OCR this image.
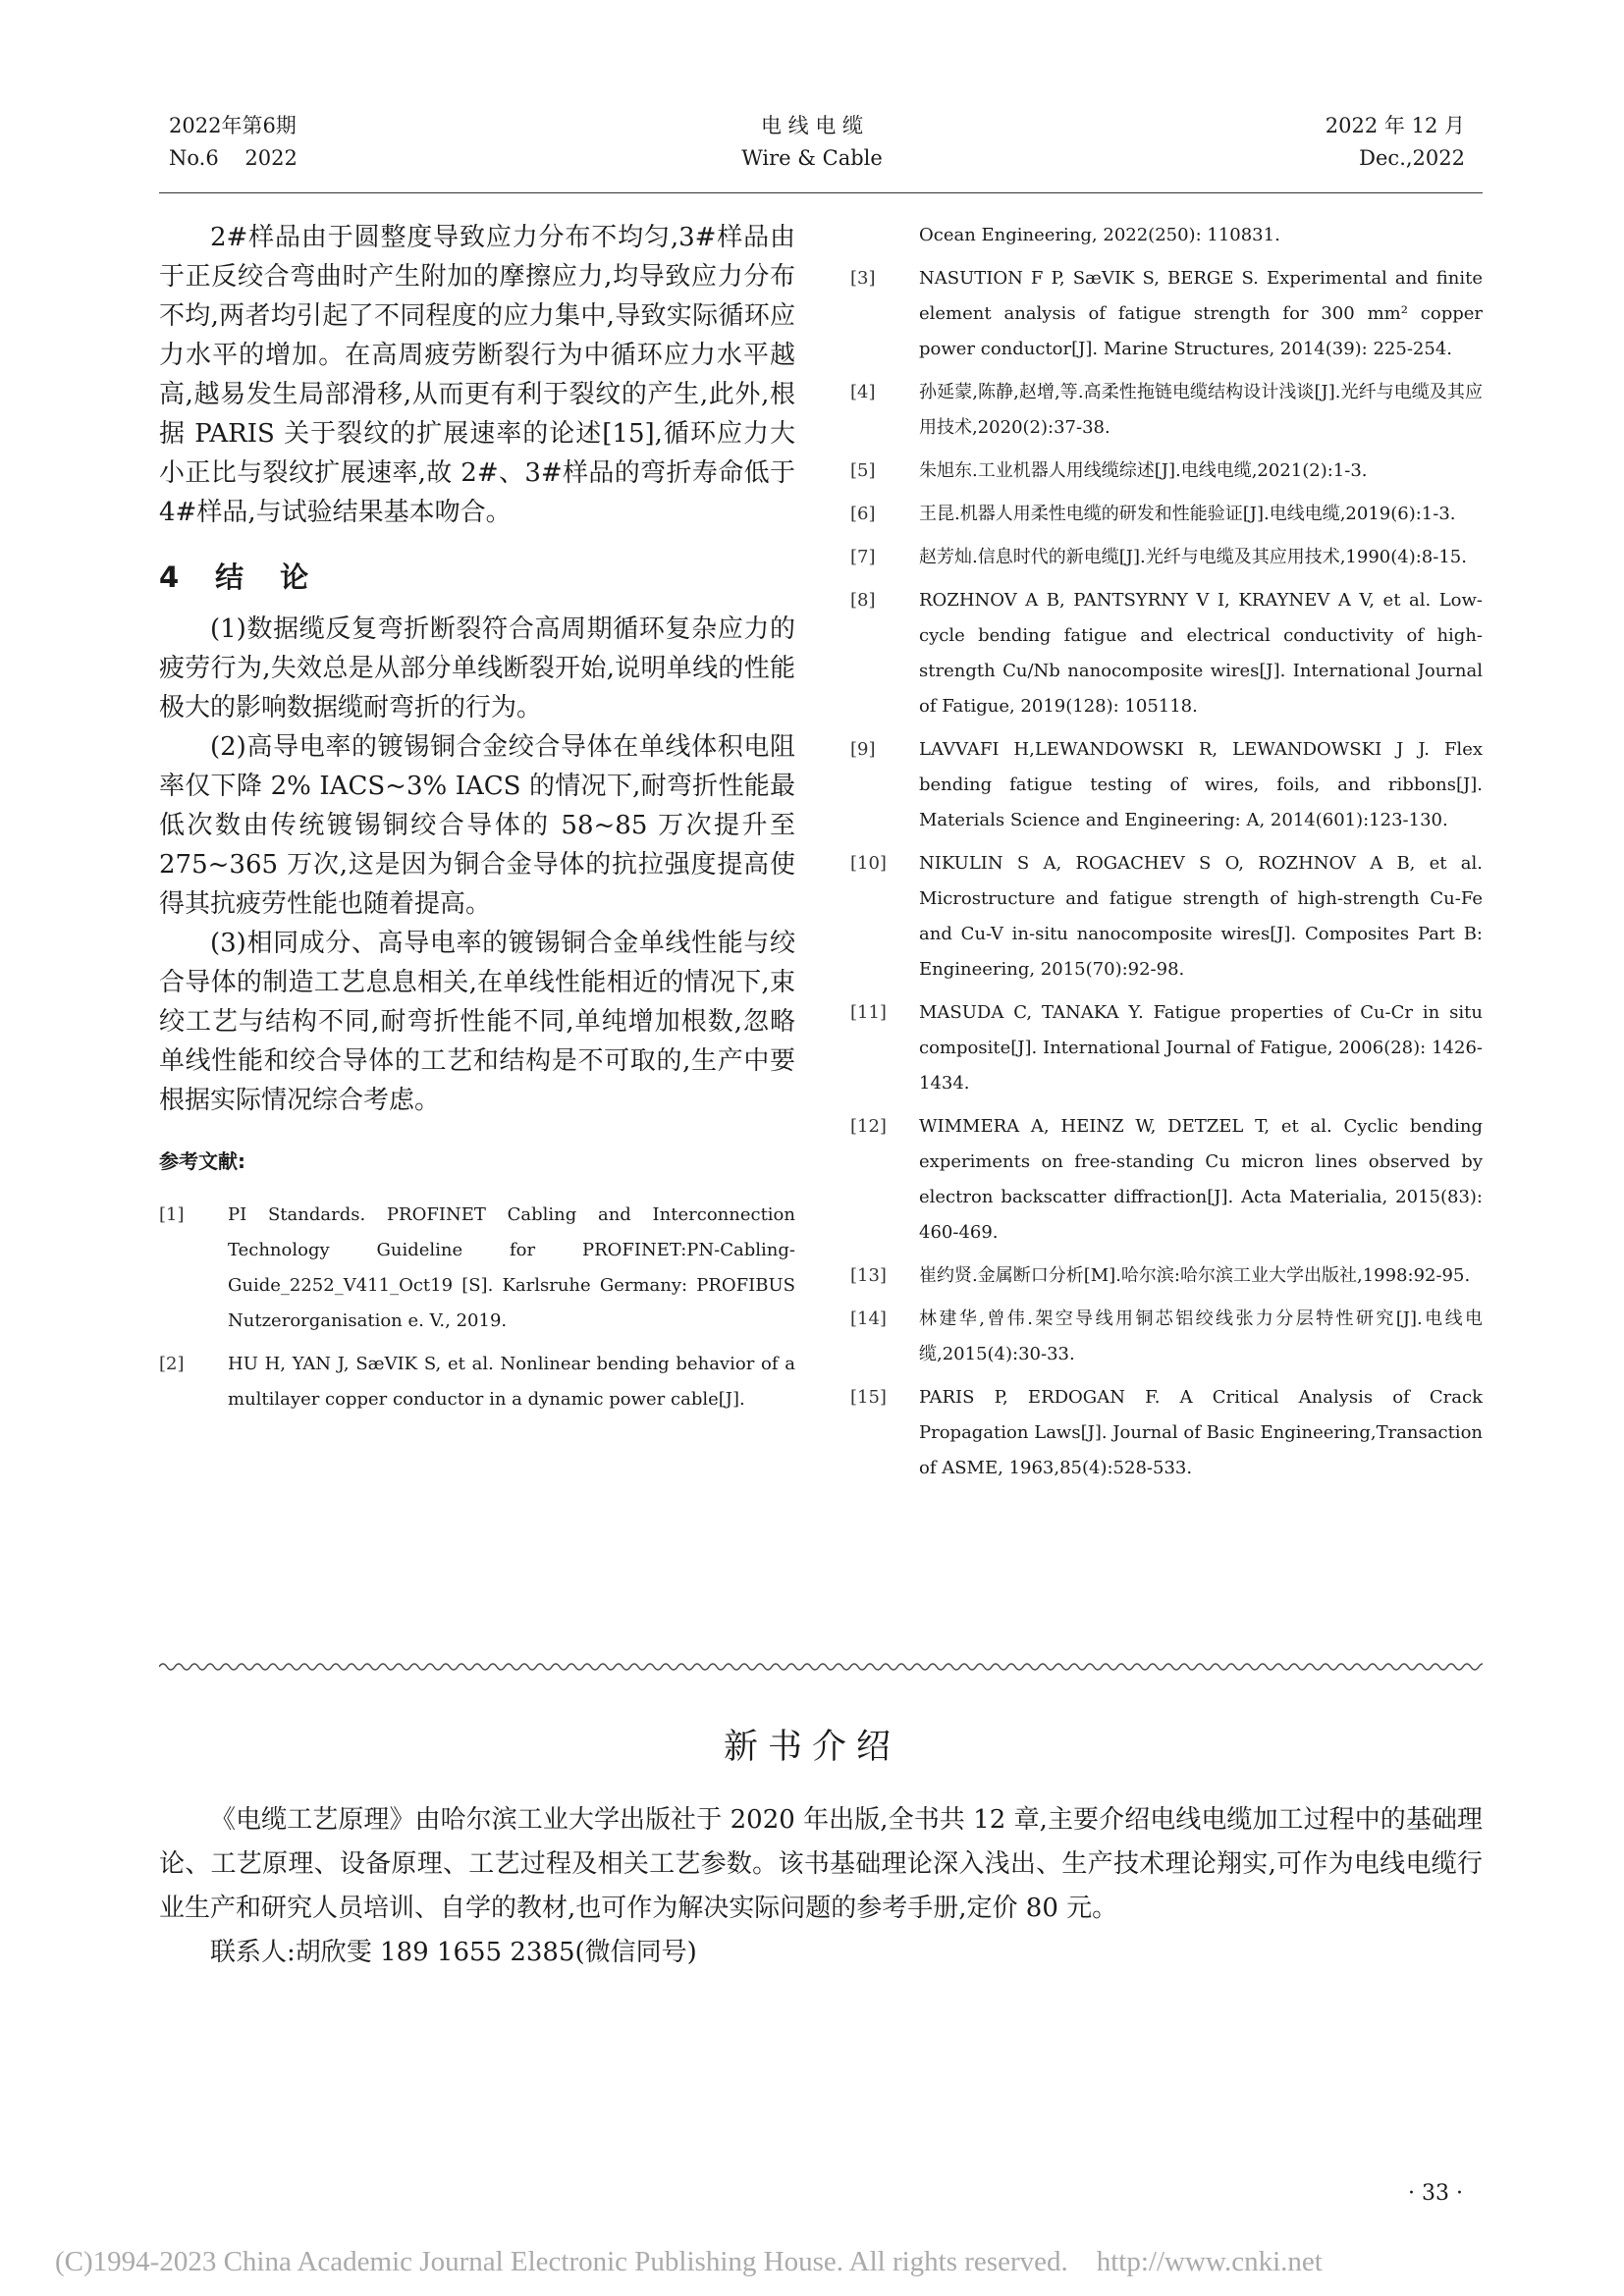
2022年第6期
No.6    2022
电 线 电 缆
Wire & Cable
2022 年 12 月
Dec.,2022

2#样品由于圆整度导致应力分布不均匀,3#样品由于正反绞合弯曲时产生附加的摩擦应力,均导致应力分布不均,两者均引起了不同程度的应力集中,导致实际循环应力水平的增加。在高周疲劳断裂行为中循环应力水平越高,越易发生局部滑移,从而更有利于裂纹的产生,此外,根据 PARIS 关于裂纹的扩展速率的论述[15],循环应力大小正比与裂纹扩展速率,故 2#、3#样品的弯折寿命低于 4#样品,与试验结果基本吻合。

4　结　论

(1)数据缆反复弯折断裂符合高周期循环复杂应力的疲劳行为,失效总是从部分单线断裂开始,说明单线的性能极大的影响数据缆耐弯折的行为。

(2)高导电率的镀锡铜合金绞合导体在单线体积电阻率仅下降 2% IACS~3% IACS 的情况下,耐弯折性能最低次数由传统镀锡铜绞合导体的 58~85 万次提升至 275~365 万次,这是因为铜合金导体的抗拉强度提高使得其抗疲劳性能也随着提高。

(3)相同成分、高导电率的镀锡铜合金单线性能与绞合导体的制造工艺息息相关,在单线性能相近的情况下,束绞工艺与结构不同,耐弯折性能不同,单纯增加根数,忽略单线性能和绞合导体的工艺和结构是不可取的,生产中要根据实际情况综合考虑。

参考文献:
[1]	PI Standards. PROFINET Cabling and Interconnection Technology Guideline for PROFINET:PN-Cabling-Guide_2252_V411_Oct19 [S]. Karlsruhe Germany: PROFIBUS Nutzerorganisation e. V., 2019.
[2]	HU H, YAN J, SæVIK S, et al. Nonlinear bending behavior of a multilayer copper conductor in a dynamic power cable[J].
Ocean Engineering, 2022(250): 110831.
[3]	NASUTION F P, SæVIK S, BERGE S. Experimental and finite element analysis of fatigue strength for 300 mm² copper power conductor[J]. Marine Structures, 2014(39): 225-254.
[4]	孙延蒙,陈静,赵增,等.高柔性拖链电缆结构设计浅谈[J].光纤与电缆及其应用技术,2020(2):37-38.
[5]	朱旭东.工业机器人用线缆综述[J].电线电缆,2021(2):1-3.
[6]	王昆.机器人用柔性电缆的研发和性能验证[J].电线电缆,2019(6):1-3.
[7]	赵芳灿.信息时代的新电缆[J].光纤与电缆及其应用技术,1990(4):8-15.
[8]	ROZHNOV A B, PANTSYRNY V I, KRAYNEV A V, et al. Low-cycle bending fatigue and electrical conductivity of high-strength Cu/Nb nanocomposite wires[J]. International Journal of Fatigue, 2019(128): 105118.
[9]	LAVVAFI H,LEWANDOWSKI R, LEWANDOWSKI J J. Flex bending fatigue testing of wires, foils, and ribbons[J]. Materials Science and Engineering: A, 2014(601):123-130.
[10]	NIKULIN S A, ROGACHEV S O, ROZHNOV A B, et al. Microstructure and fatigue strength of high-strength Cu-Fe and Cu-V in-situ nanocomposite wires[J]. Composites Part B: Engineering, 2015(70):92-98.
[11]	MASUDA C, TANAKA Y. Fatigue properties of Cu-Cr in situ composite[J]. International Journal of Fatigue, 2006(28): 1426-1434.
[12]	WIMMERA A, HEINZ W, DETZEL T, et al. Cyclic bending experiments on free-standing Cu micron lines observed by electron backscatter diffraction[J]. Acta Materialia, 2015(83): 460-469.
[13]	崔约贤.金属断口分析[M].哈尔滨:哈尔滨工业大学出版社,1998:92-95.
[14]	林建华,曾伟.架空导线用铜芯铝绞线张力分层特性研究[J].电线电缆,2015(4):30-33.
[15]	PARIS P, ERDOGAN F. A Critical Analysis of Crack Propagation Laws[J]. Journal of Basic Engineering,Transaction of ASME, 1963,85(4):528-533.
新书介绍

《电缆工艺原理》由哈尔滨工业大学出版社于 2020 年出版,全书共 12 章,主要介绍电线电缆加工过程中的基础理论、工艺原理、设备原理、工艺过程及相关工艺参数。该书基础理论深入浅出、生产技术理论翔实,可作为电线电缆行业生产和研究人员培训、自学的教材,也可作为解决实际问题的参考手册,定价 80 元。

联系人:胡欣雯 189 1655 2385(微信同号)

· 33 ·
(C)1994-2023 China Academic Journal Electronic Publishing House. All rights reserved.    http://www.cnki.net
